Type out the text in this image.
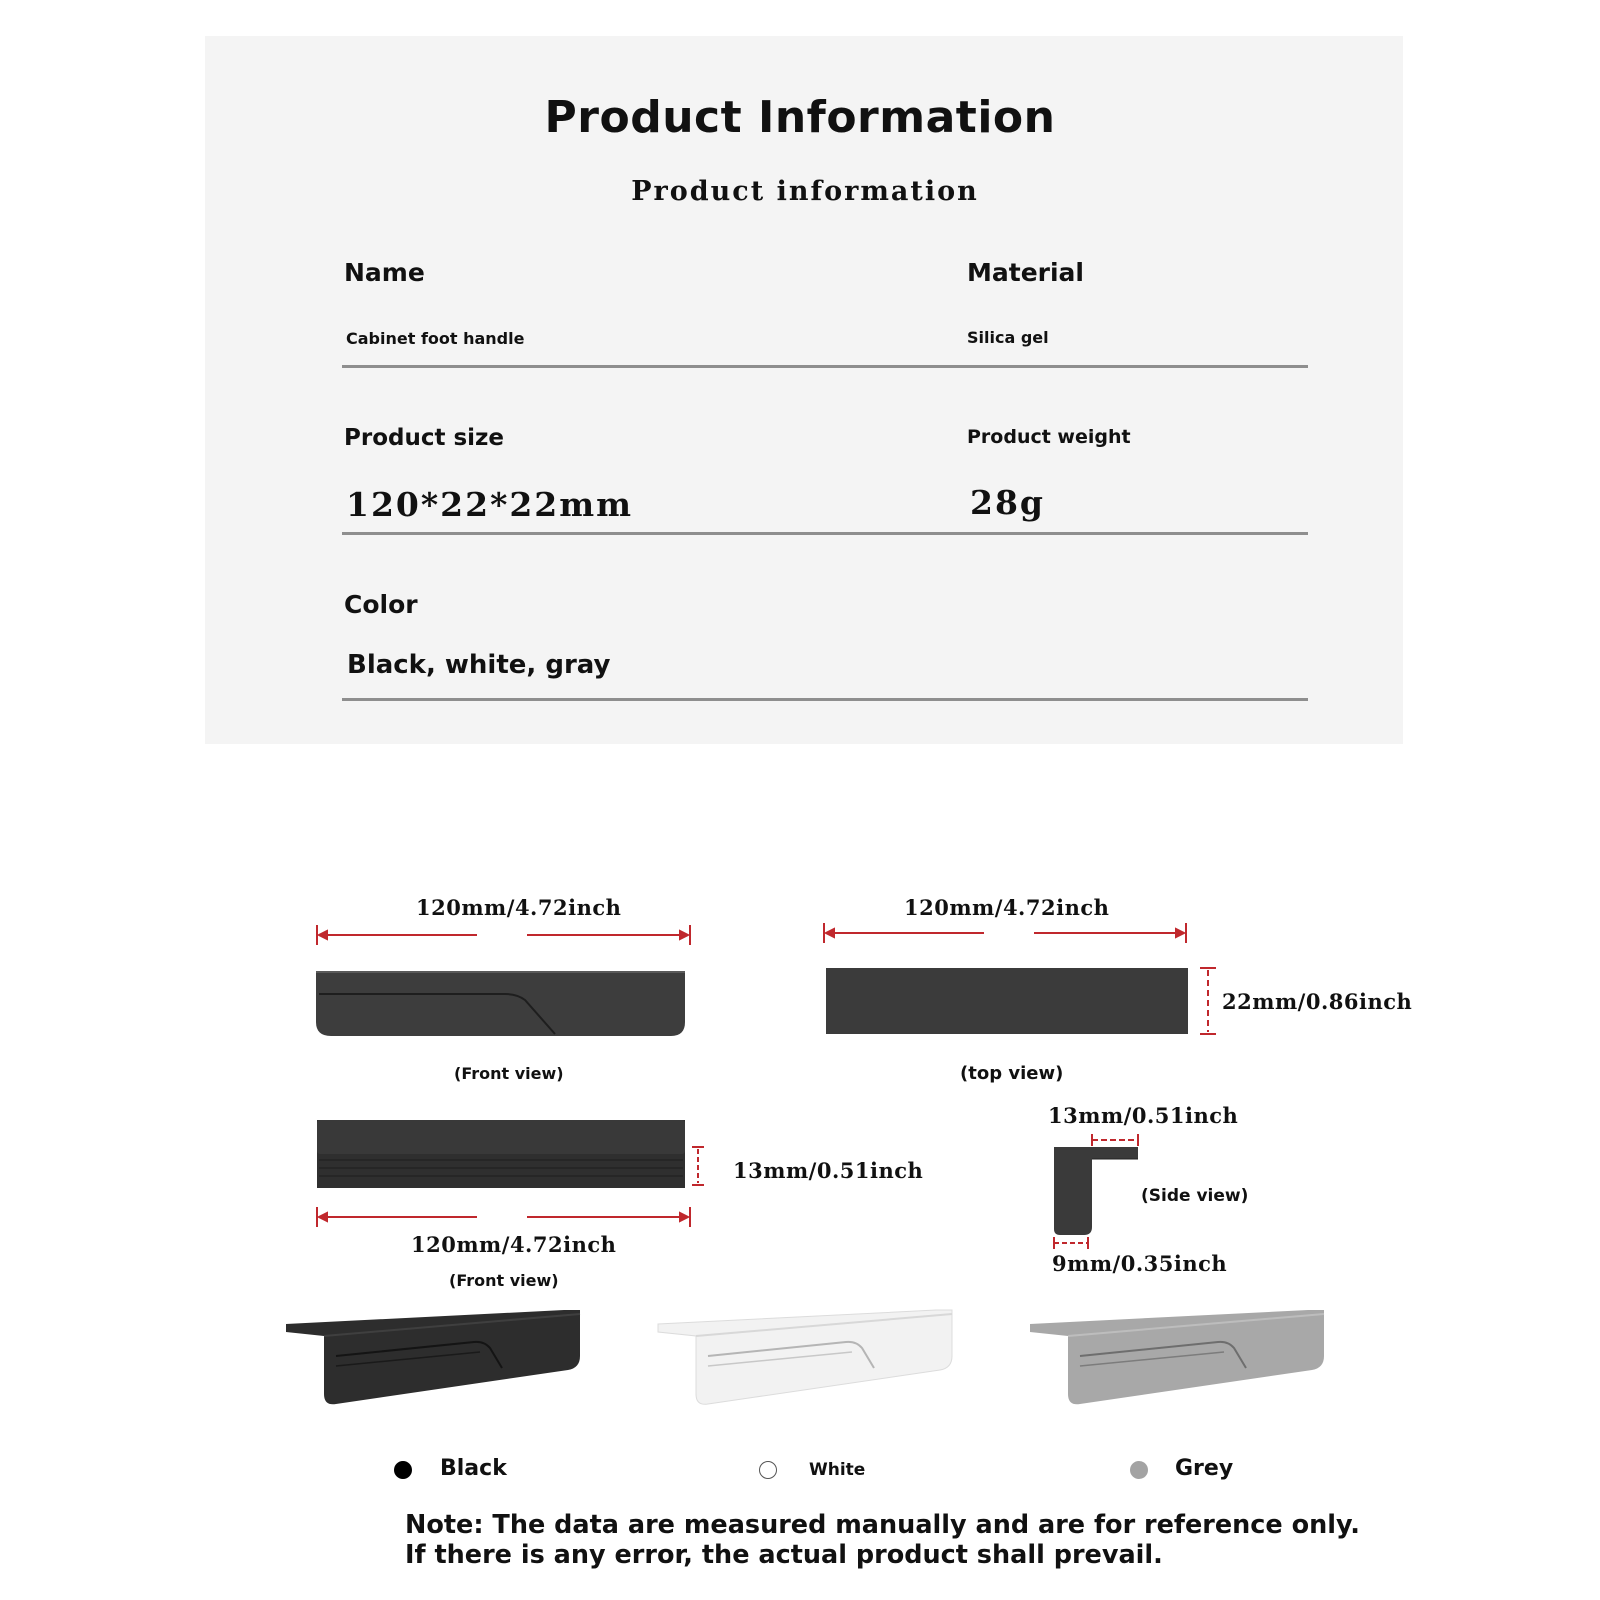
Product Information
Product information
Name	Material
Cabinet foot handle	Silica gel
Product size	Product weight
120*22*22mm	28g
Color
Black, white, gray
120mm/4.72inch
(Front view)
120mm/4.72inch
22mm/0.86inch
(top view)
13mm/0.51inch
120mm/4.72inch
(Front view)
13mm/0.51inch
9mm/0.35inch
(Side view)
Black	White	Grey
Note: The data are measured manually and are for reference only.
If there is any error, the actual product shall prevail.
